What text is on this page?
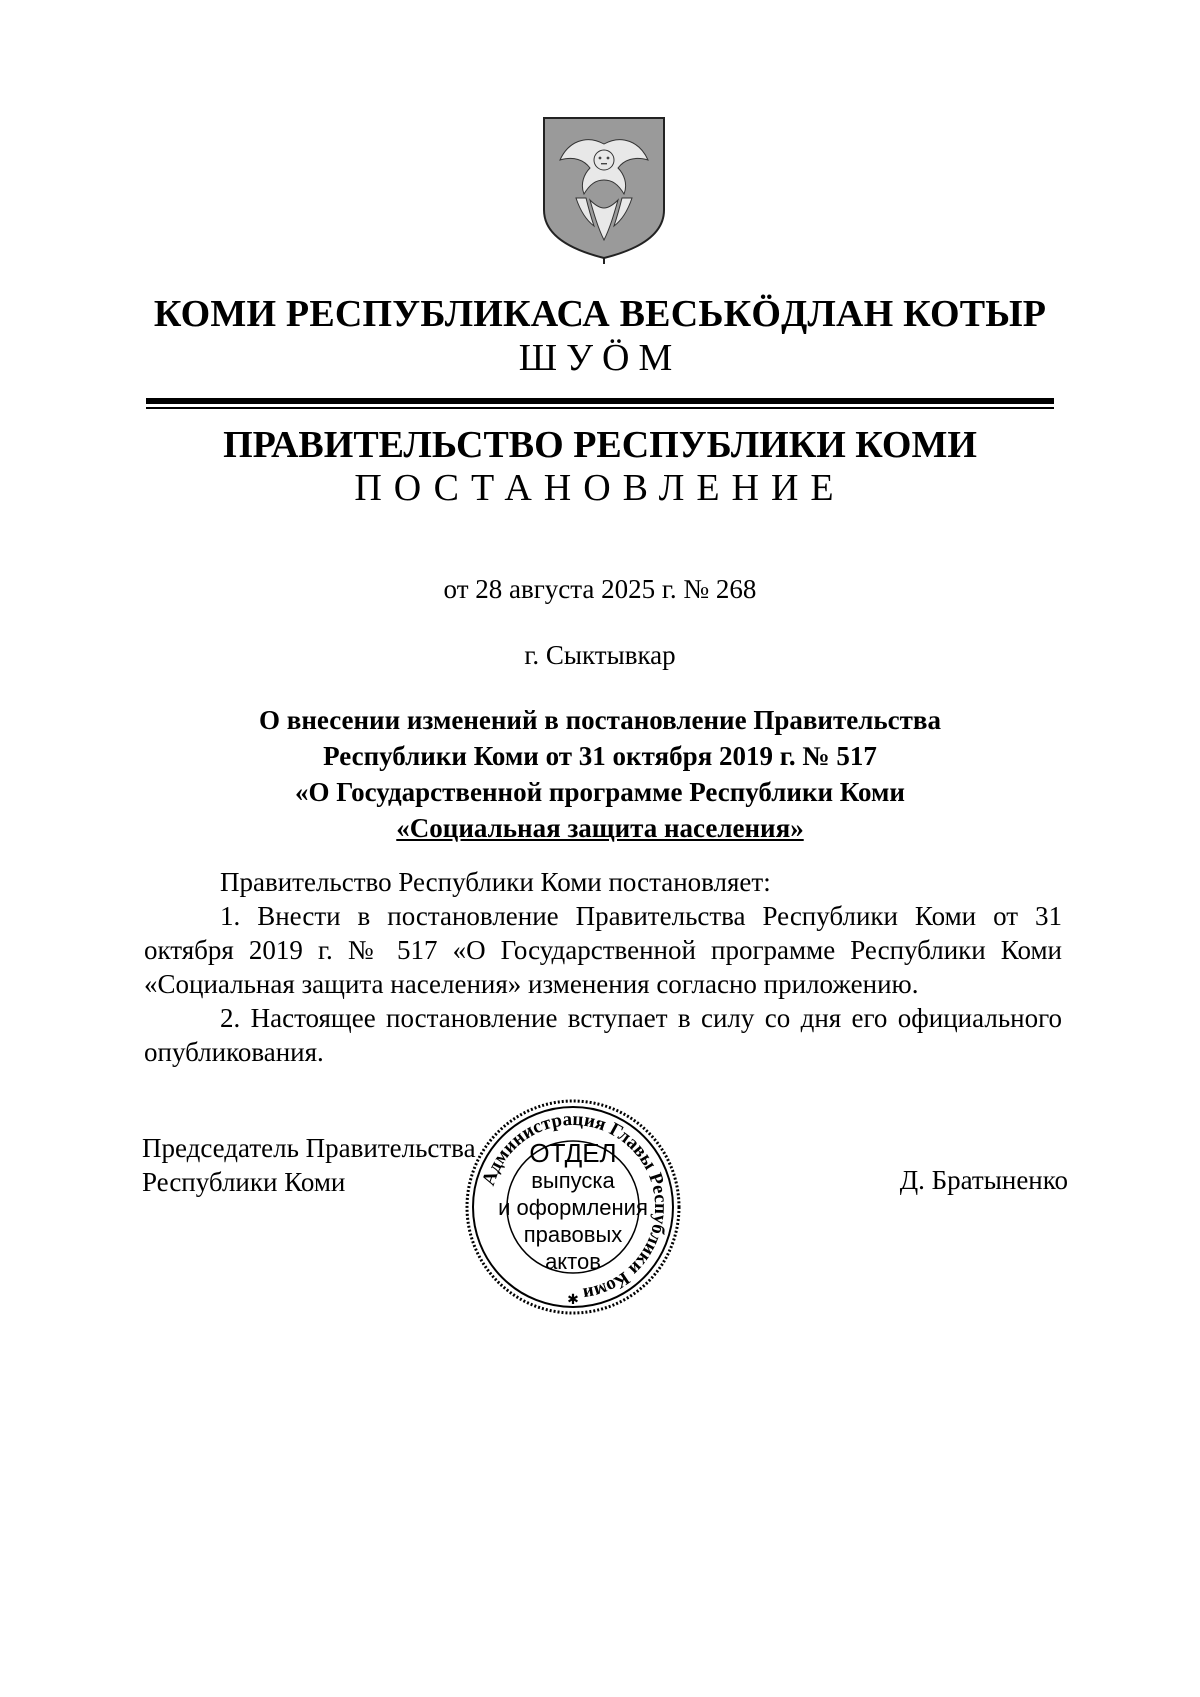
КОМИ РЕСПУБЛИКАСА ВЕСЬКӦДЛАН КОТЫР
ШУӦМ
ПРАВИТЕЛЬСТВО РЕСПУБЛИКИ КОМИ
ПОСТАНОВЛЕНИЕ
от 28 августа 2025 г. № 268
г. Сыктывкар
О внесении изменений в постановление Правительства
Республики Коми от 31 октября 2019 г. № 517
«О Государственной программе Республики Коми
«Социальная защита населения»
Правительство Республики Коми постановляет:
1. Внести в постановление Правительства Республики Коми от 31 октября 2019 г. № 517 «О Государственной программе Республики Коми «Социальная защита населения» изменения согласно приложению.
2. Настоящее постановление вступает в силу со дня его официального опубликования.
Председатель Правительства
Республики Коми	Д. Братыненко
Администрация Главы Республики Коми
✱
ОТДЕЛ
выпуска
и оформления
правовых
актов
